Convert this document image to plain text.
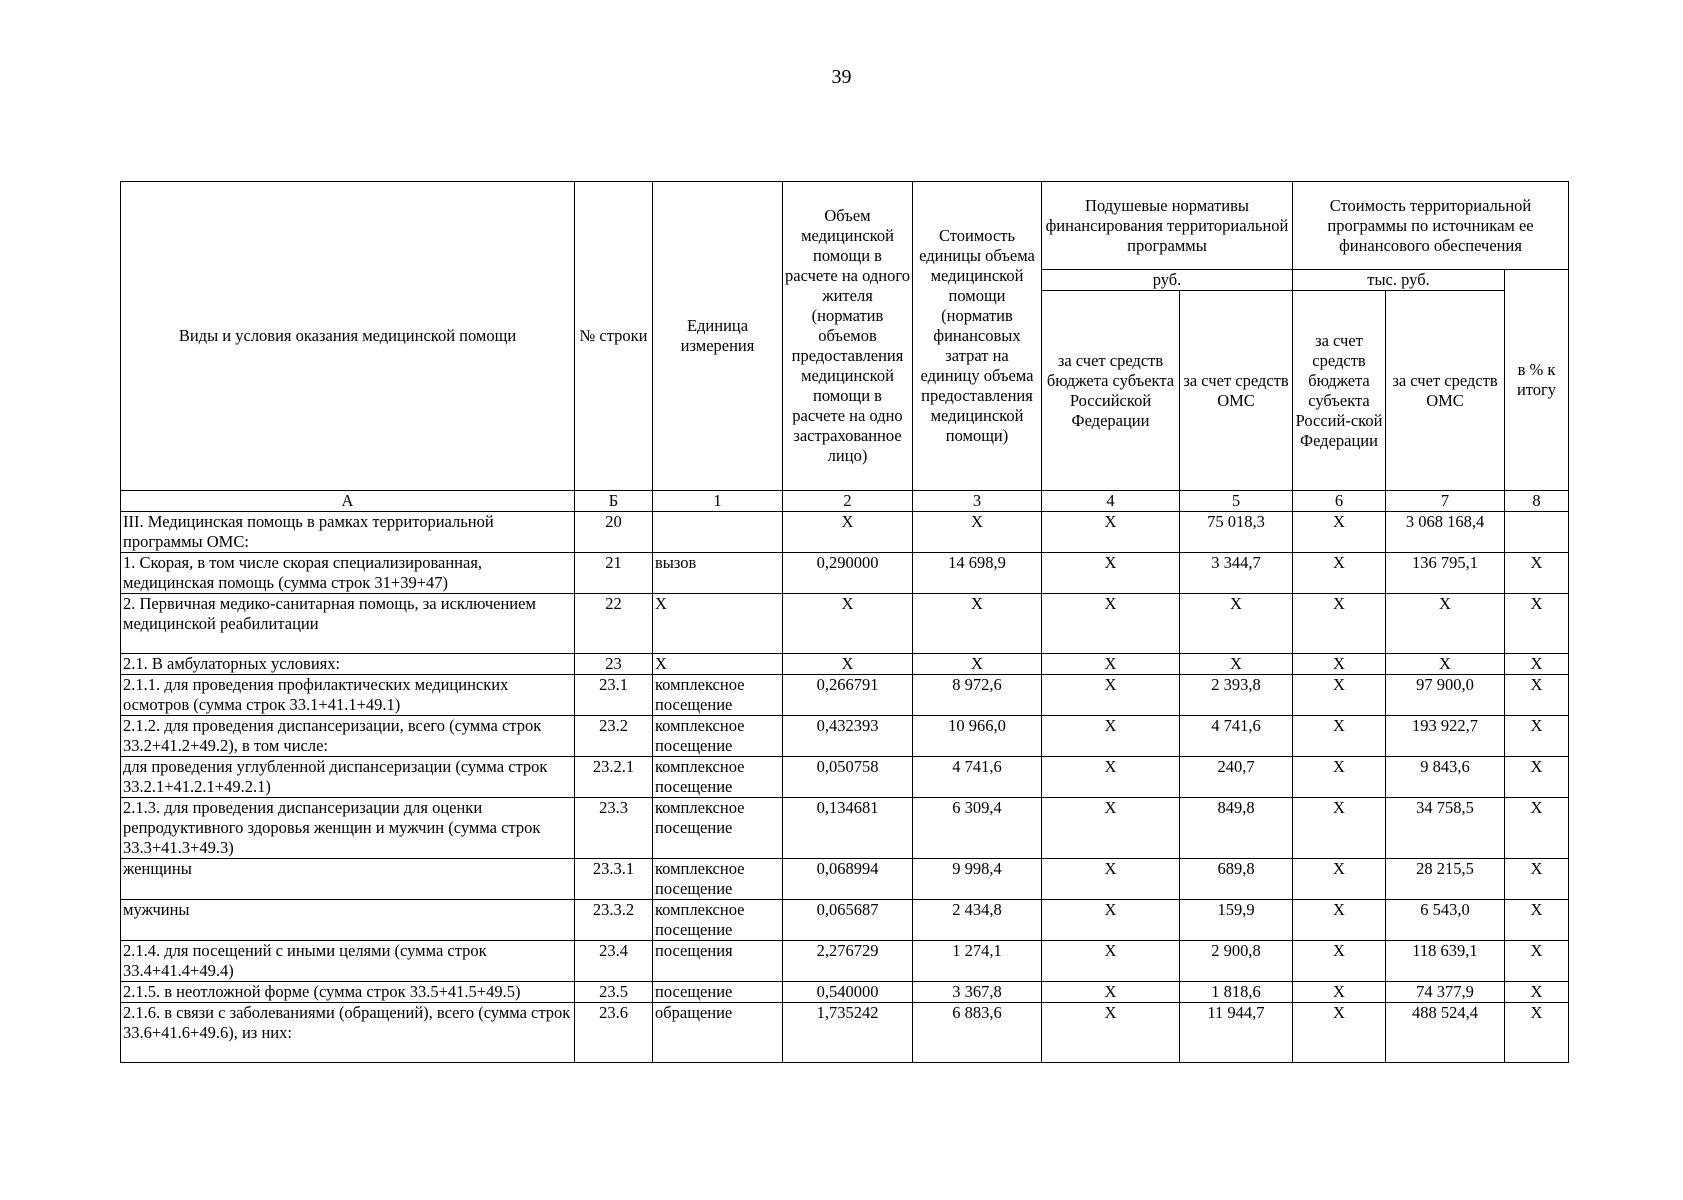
39
Виды и условия оказания медицинской помощи	№ строки	Единица измерения	Объем медицинской помощи в расчете на одного жителя (норматив объемов предоставления медицинской помощи в расчете на одно застрахованное лицо)	Стоимость единицы объема медицинской помощи (норматив финансовых затрат на единицу объема предоставления медицинской помощи)	Подушевые нормативы финансирования территориальной программы		Стоимость территориальной программы по источникам ее финансового обеспечения		
					руб.		тыс. руб.		в % к итогу
					за счет средств бюджета субъекта Российской Федерации	за счет средств ОМС	за счет средств бюджета субъекта Россий-ской Федерации	за счет средств ОМС	
А	Б	1	2	3	4	5	6	7	8
III. Медицинская помощь в рамках территориальной программы ОМС:	20		Х	Х	Х	75 018,3	Х	3 068 168,4	
1. Скорая, в том числе скорая специализированная, медицинская помощь (сумма строк 31+39+47)	21	вызов	0,290000	14 698,9	Х	3 344,7	Х	136 795,1	Х
2. Первичная медико-санитарная помощь, за исключением медицинской реабилитации	22	Х	Х	Х	Х	Х	Х	Х	Х
2.1. В амбулаторных условиях:	23	Х	Х	Х	Х	Х	Х	Х	Х
2.1.1. для проведения профилактических медицинских осмотров (сумма строк 33.1+41.1+49.1)	23.1	комплексное посещение	0,266791	8 972,6	Х	2 393,8	Х	97 900,0	Х
2.1.2. для проведения диспансеризации, всего (сумма строк 33.2+41.2+49.2), в том числе:	23.2	комплексное посещение	0,432393	10 966,0	Х	4 741,6	Х	193 922,7	Х
для проведения углубленной диспансеризации (сумма строк 33.2.1+41.2.1+49.2.1)	23.2.1	комплексное посещение	0,050758	4 741,6	Х	240,7	Х	9 843,6	Х
2.1.3. для проведения диспансеризации для оценки репродуктивного здоровья женщин и мужчин (сумма строк 33.3+41.3+49.3)	23.3	комплексное посещение	0,134681	6 309,4	Х	849,8	Х	34 758,5	Х
женщины	23.3.1	комплексное посещение	0,068994	9 998,4	Х	689,8	Х	28 215,5	Х
мужчины	23.3.2	комплексное посещение	0,065687	2 434,8	Х	159,9	Х	6 543,0	Х
2.1.4. для посещений с иными целями (сумма строк 33.4+41.4+49.4)	23.4	посещения	2,276729	1 274,1	Х	2 900,8	Х	118 639,1	Х
2.1.5. в неотложной форме (сумма строк 33.5+41.5+49.5)	23.5	посещение	0,540000	3 367,8	Х	1 818,6	Х	74 377,9	Х
2.1.6. в связи с заболеваниями (обращений), всего (сумма строк 33.6+41.6+49.6), из них:	23.6	обращение	1,735242	6 883,6	Х	11 944,7	Х	488 524,4	Х
